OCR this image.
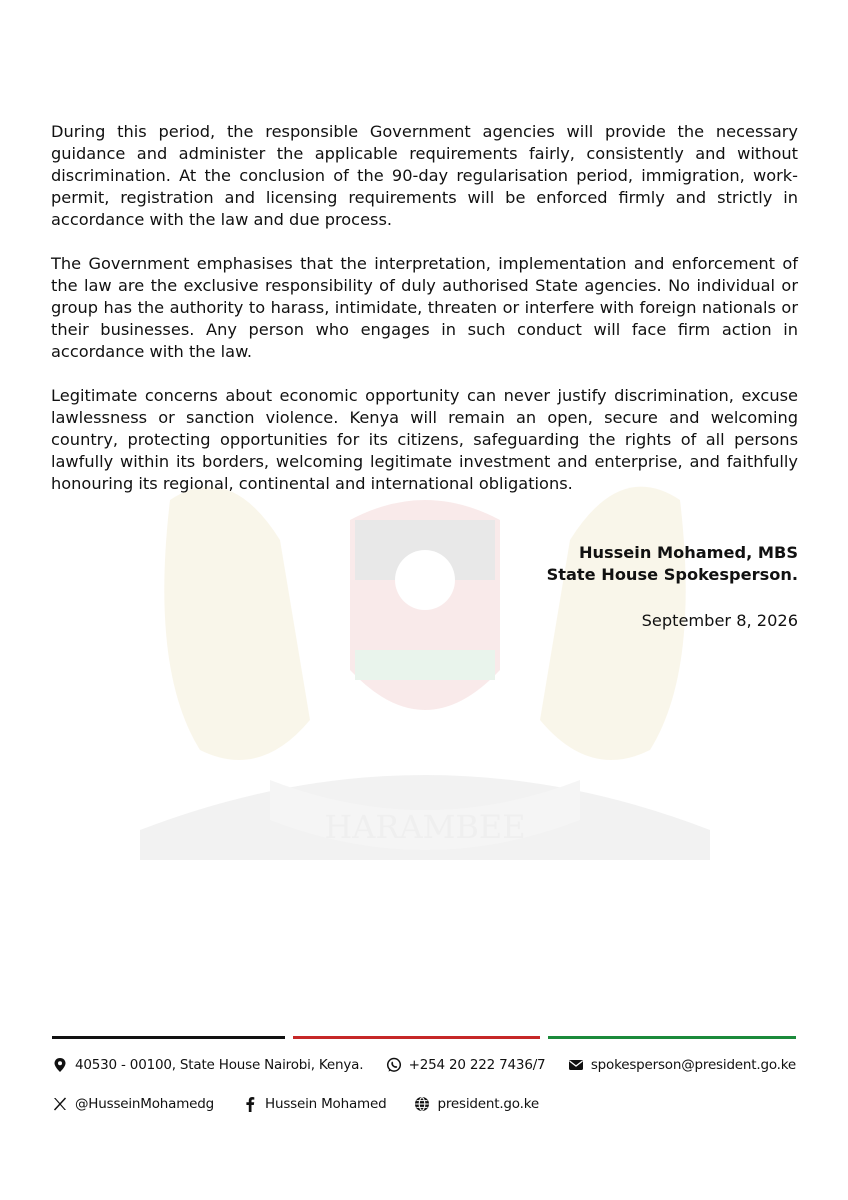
HARAMBEE

During this period, the responsible Government agencies will provide the necessary guidance and administer the applicable requirements fairly, consistently and without discrimination. At the conclusion of the 90-day regularisation period, immigration, work-permit, registration and licensing requirements will be enforced firmly and strictly in accordance with the law and due process.

The Government emphasises that the interpretation, implementation and enforcement of the law are the exclusive responsibility of duly authorised State agencies. No individual or group has the authority to harass, intimidate, threaten or interfere with foreign nationals or their businesses. Any person who engages in such conduct will face firm action in accordance with the law.

Legitimate concerns about economic opportunity can never justify discrimination, excuse lawlessness or sanction violence. Kenya will remain an open, secure and welcoming country, protecting opportunities for its citizens, safeguarding the rights of all persons lawfully within its borders, welcoming legitimate investment and enterprise, and faithfully honouring its regional, continental and international obligations.

Hussein Mohamed, MBS
State House Spokesperson.
September 8, 2026
40530 - 00100, State House Nairobi, Kenya.	+254 20 222 7436/7	spokesperson@president.go.ke
@HusseinMohamedg	Hussein Mohamed	president.go.ke
